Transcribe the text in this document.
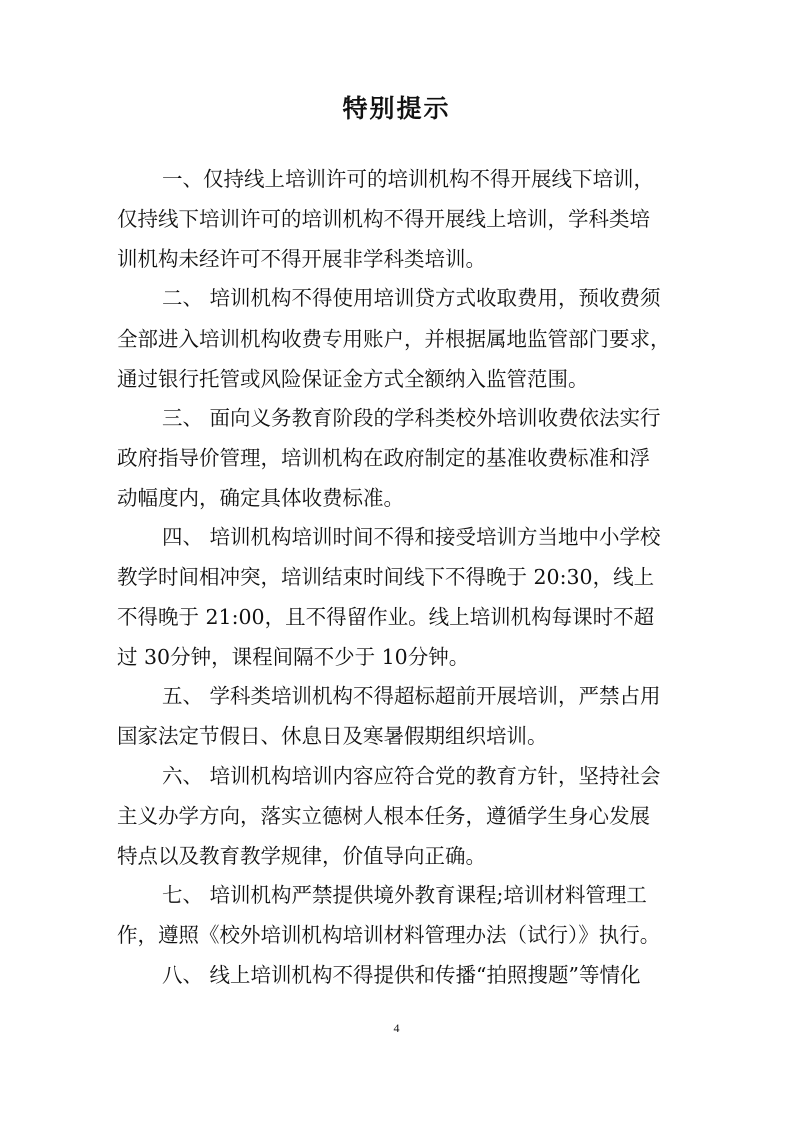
特别提示
一、仅持线上培训许可的培训机构不得开展线下培训，
仅持线下培训许可的培训机构不得开展线上培训，学科类培
训机构未经许可不得开展非学科类培训。
二、 培训机构不得使用培训贷方式收取费用，预收费须
全部进入培训机构收费专用账户，并根据属地监管部门要求，
通过银行托管或风险保证金方式全额纳入监管范围。
三、 面向义务教育阶段的学科类校外培训收费依法实行
政府指导价管理，培训机构在政府制定的基准收费标准和浮
动幅度内，确定具体收费标准。
四、 培训机构培训时间不得和接受培训方当地中小学校
教学时间相冲突，培训结束时间线下不得晚于 20:30，线上
不得晚于 21:00，且不得留作业。线上培训机构每课时不超
过 30分钟，课程间隔不少于 10分钟。
五、 学科类培训机构不得超标超前开展培训，严禁占用
国家法定节假日、休息日及寒暑假期组织培训。
六、 培训机构培训内容应符合党的教育方针，坚持社会
主义办学方向，落实立德树人根本任务，遵循学生身心发展
特点以及教育教学规律，价值导向正确。
七、 培训机构严禁提供境外教育课程;培训材料管理工
作，遵照《校外培训机构培训材料管理办法（试行）》执行。
八、 线上培训机构不得提供和传播“拍照搜题”等情化
4
